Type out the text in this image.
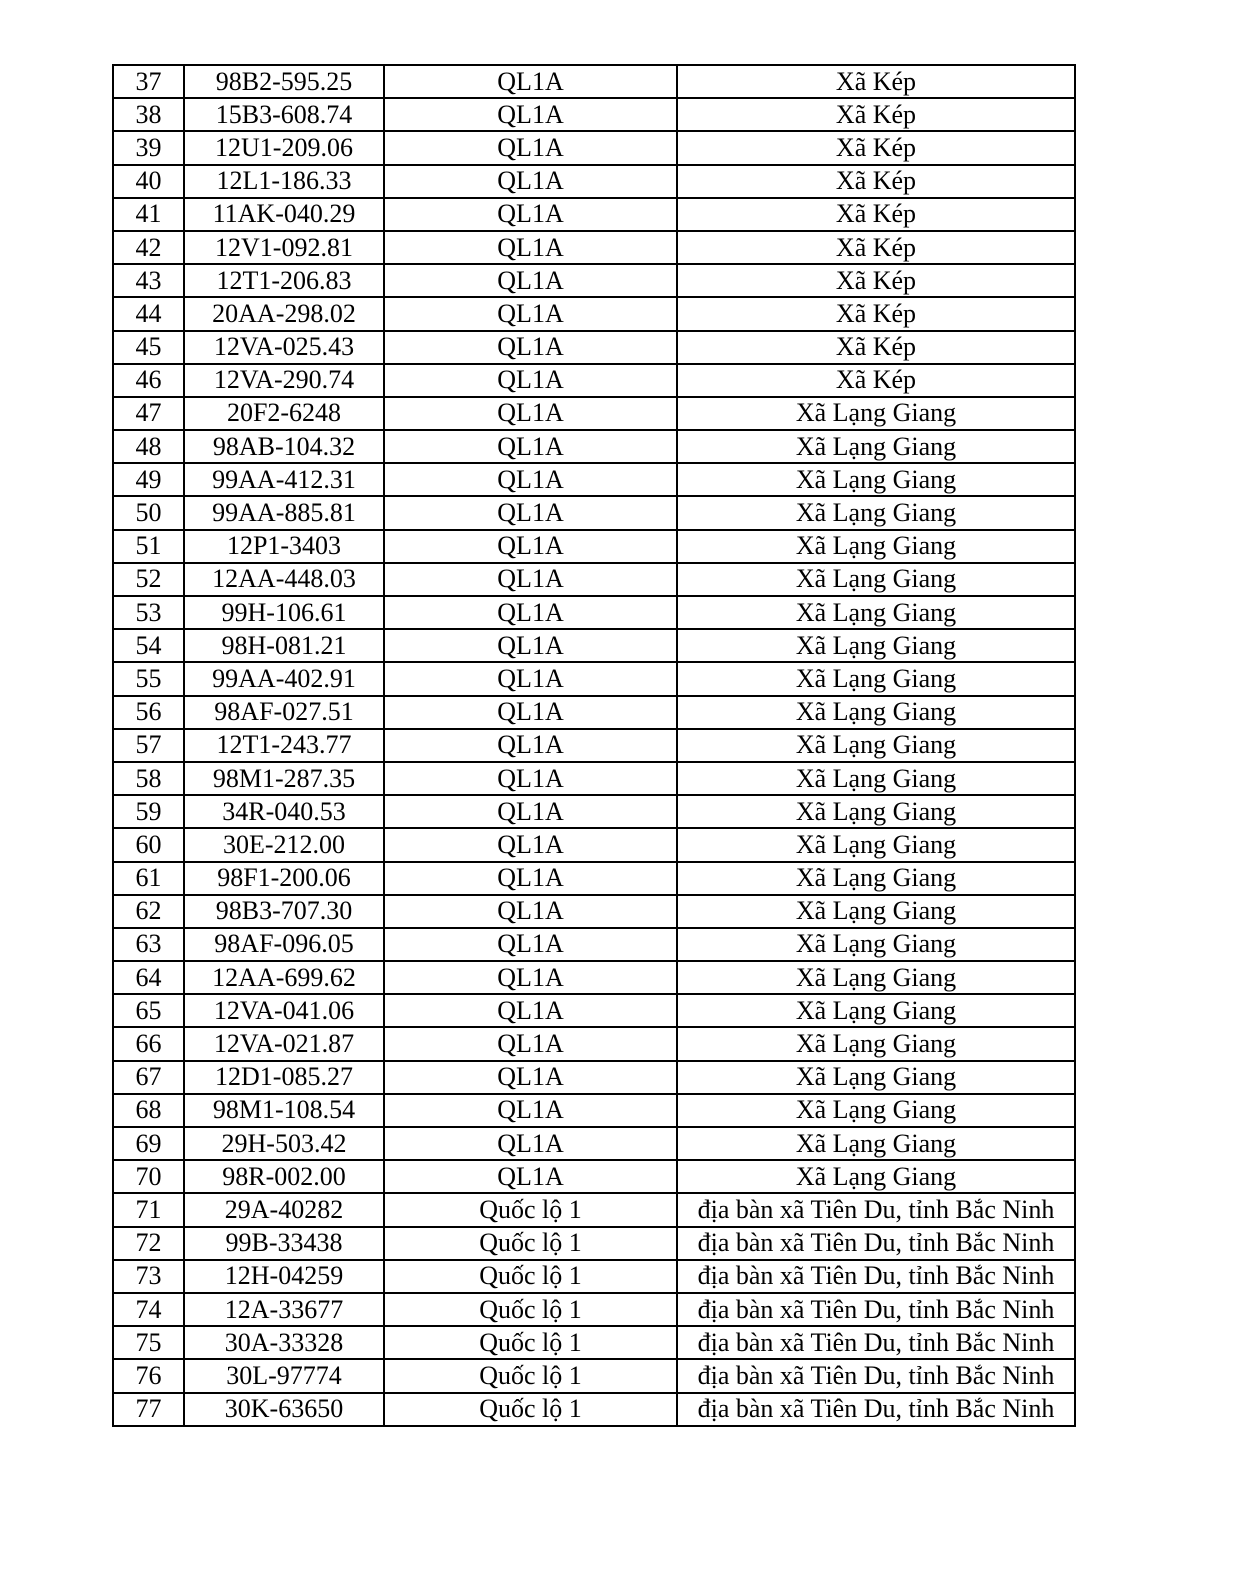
37	98B2-595.25	QL1A	Xã Kép
38	15B3-608.74	QL1A	Xã Kép
39	12U1-209.06	QL1A	Xã Kép
40	12L1-186.33	QL1A	Xã Kép
41	11AK-040.29	QL1A	Xã Kép
42	12V1-092.81	QL1A	Xã Kép
43	12T1-206.83	QL1A	Xã Kép
44	20AA-298.02	QL1A	Xã Kép
45	12VA-025.43	QL1A	Xã Kép
46	12VA-290.74	QL1A	Xã Kép
47	20F2-6248	QL1A	Xã Lạng Giang
48	98AB-104.32	QL1A	Xã Lạng Giang
49	99AA-412.31	QL1A	Xã Lạng Giang
50	99AA-885.81	QL1A	Xã Lạng Giang
51	12P1-3403	QL1A	Xã Lạng Giang
52	12AA-448.03	QL1A	Xã Lạng Giang
53	99H-106.61	QL1A	Xã Lạng Giang
54	98H-081.21	QL1A	Xã Lạng Giang
55	99AA-402.91	QL1A	Xã Lạng Giang
56	98AF-027.51	QL1A	Xã Lạng Giang
57	12T1-243.77	QL1A	Xã Lạng Giang
58	98M1-287.35	QL1A	Xã Lạng Giang
59	34R-040.53	QL1A	Xã Lạng Giang
60	30E-212.00	QL1A	Xã Lạng Giang
61	98F1-200.06	QL1A	Xã Lạng Giang
62	98B3-707.30	QL1A	Xã Lạng Giang
63	98AF-096.05	QL1A	Xã Lạng Giang
64	12AA-699.62	QL1A	Xã Lạng Giang
65	12VA-041.06	QL1A	Xã Lạng Giang
66	12VA-021.87	QL1A	Xã Lạng Giang
67	12D1-085.27	QL1A	Xã Lạng Giang
68	98M1-108.54	QL1A	Xã Lạng Giang
69	29H-503.42	QL1A	Xã Lạng Giang
70	98R-002.00	QL1A	Xã Lạng Giang
71	29A-40282	Quốc lộ 1	địa bàn xã Tiên Du, tỉnh Bắc Ninh
72	99B-33438	Quốc lộ 1	địa bàn xã Tiên Du, tỉnh Bắc Ninh
73	12H-04259	Quốc lộ 1	địa bàn xã Tiên Du, tỉnh Bắc Ninh
74	12A-33677	Quốc lộ 1	địa bàn xã Tiên Du, tỉnh Bắc Ninh
75	30A-33328	Quốc lộ 1	địa bàn xã Tiên Du, tỉnh Bắc Ninh
76	30L-97774	Quốc lộ 1	địa bàn xã Tiên Du, tỉnh Bắc Ninh
77	30K-63650	Quốc lộ 1	địa bàn xã Tiên Du, tỉnh Bắc Ninh
